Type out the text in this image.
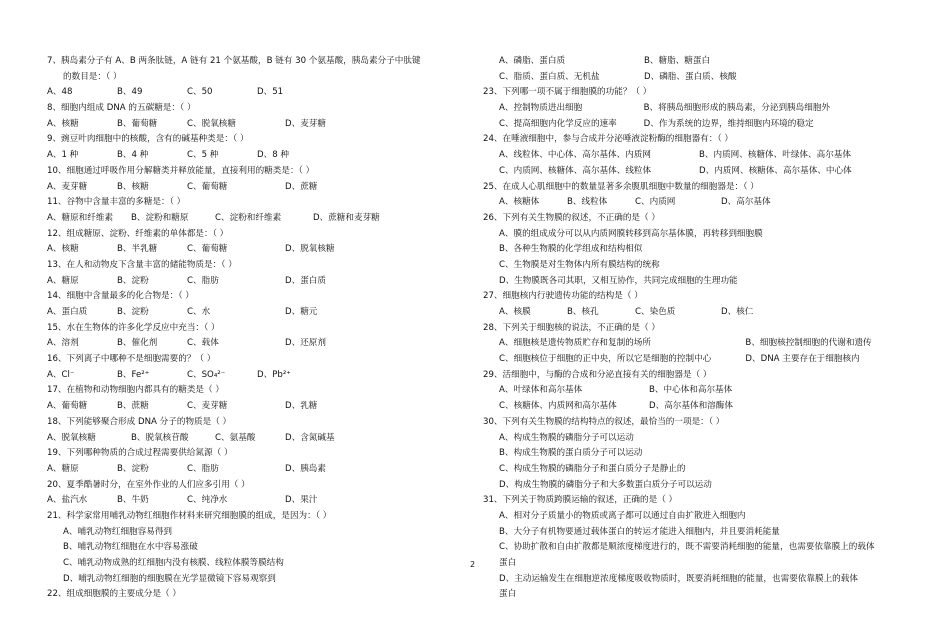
7、胰岛素分子有 A、B 两条肽链，A 链有 21 个氨基酸，B 链有 30 个氨基酸，胰岛素分子中肽键
的数目是：（ ）
A、48	B、49	C、50	D、51
8、细胞内组成 DNA 的五碳糖是：（ ）
A、核糖	B、葡萄糖	C、脱氧核糖	D、麦芽糖
9、豌豆叶肉细胞中的核酸，含有的碱基种类是：（ ）
A、1 种	B、4 种	C、5 种	D、8 种
10、细胞通过呼吸作用分解糖类并释放能量，直接利用的糖类是：（ ）
A、麦芽糖	B、核糖	C、葡萄糖	D、蔗糖
11、谷物中含量丰富的多糖是：（ ）
A、糖原和纤维素	B、淀粉和糖原	C、淀粉和纤维素	D、蔗糖和麦芽糖
12、组成糖原、淀粉、纤维素的单体都是：（ ）
A、核糖	B、半乳糖	C、葡萄糖	D、脱氧核糖
13、在人和动物皮下含量丰富的储能物质是：（ ）
A、糖原	B、淀粉	C、脂肪	D、蛋白质
14、细胞中含量最多的化合物是：（ ）
A、蛋白质	B、淀粉	C、水	D、糖元
15、水在生物体的许多化学反应中充当：（ ）
A、溶剂	B、催化剂	C、载体	D、还原剂
16、下列离子中哪种不是细胞需要的？（ ）
A、Cl⁻	B、Fe²⁺	C、SO₄²⁻	D、Pb²⁺
17、在植物和动物细胞内都具有的糖类是（ ）
A、葡萄糖	B、蔗糖	C、麦芽糖	D、乳糖
18、下列能够聚合形成 DNA 分子的物质是（ ）
A、脱氧核糖	B、脱氧核苷酸	C、氨基酸	D、含氮碱基
19、下列哪种物质的合成过程需要供给氮源（ ）
A、糖原	B、淀粉	C、脂肪	D、胰岛素
20、夏季酷暑时分，在室外作业的人们应多引用（ ）
A、盐汽水	B、牛奶	C、纯净水	D、果汁
21、科学家常用哺乳动物红细胞作材料来研究细胞膜的组成，是因为：（ ）
A、哺乳动物红细胞容易得到
B、哺乳动物红细胞在水中容易涨破
C、哺乳动物成熟的红细胞内没有核膜、线粒体膜等膜结构
D、哺乳动物红细胞的细胞膜在光学显微镜下容易观察到
22、组成细胞膜的主要成分是（ ）
A、磷脂、蛋白质	B、糖脂、糖蛋白
C、脂质、蛋白质、无机盐	D、磷脂、蛋白质、核酸
23、下列哪一项不属于细胞膜的功能？（ ）
A、控制物质进出细胞	B、将胰岛细胞形成的胰岛素，分泌到胰岛细胞外
C、提高细胞内化学反应的速率	D、作为系统的边界，维持细胞内环境的稳定
24、在唾液细胞中，参与合成并分泌唾液淀粉酶的细胞器有：（ ）
A、线粒体、中心体、高尔基体、内质网	B、内质网、核糖体、叶绿体、高尔基体
C、内质网、核糖体、高尔基体、线粒体	D、内质网、核糖体、高尔基体、中心体
25、在成人心肌细胞中的数量显著多余腹肌细胞中数量的细胞器是：（ ）
A、核糖体	B、线粒体	C、内质网	D、高尔基体
26、下列有关生物膜的叙述，不正确的是（ ）
A、膜的组成成分可以从内质网膜转移到高尔基体膜，再转移到细胞膜
B、各种生物膜的化学组成和结构相似
C、生物膜是对生物体内所有膜结构的统称
D、生物膜既各司其职，又相互协作，共同完成细胞的生理功能
27、细胞核内行驶遗传功能的结构是（ ）
A、核膜	B、核孔	C、染色质	D、核仁
28、下列关于细胞核的说法，不正确的是（ ）
A、细胞核是遗传物质贮存和复制的场所	B、细胞核控制细胞的代谢和遗传
C、细胞核位于细胞的正中央，所以它是细胞的控制中心	D、DNA 主要存在于细胞核内
29、活细胞中，与酶的合成和分泌直接有关的细胞器是（ ）
A、叶绿体和高尔基体	B、中心体和高尔基体
C、核糖体、内质网和高尔基体	D、高尔基体和溶酶体
30、下列有关生物膜的结构特点的叙述，最恰当的一项是：（ ）
A、构成生物膜的磷脂分子可以运动
B、构成生物膜的蛋白质分子可以运动
C、构成生物膜的磷脂分子和蛋白质分子是静止的
D、构成生物膜的磷脂分子和大多数蛋白质分子可以运动
31、下列关于物质跨膜运输的叙述，正确的是（ ）
A、相对分子质量小的物质或离子都可以通过自由扩散进入细胞内
B、大分子有机物要通过载体蛋白的转运才能进入细胞内，并且要消耗能量
C、协助扩散和自由扩散都是顺浓度梯度进行的，既不需要消耗细胞的能量，也需要依靠膜上的载体
蛋白
D、主动运输发生在细胞逆浓度梯度吸收物质时，既要消耗细胞的能量，也需要依靠膜上的载体
蛋白
2
